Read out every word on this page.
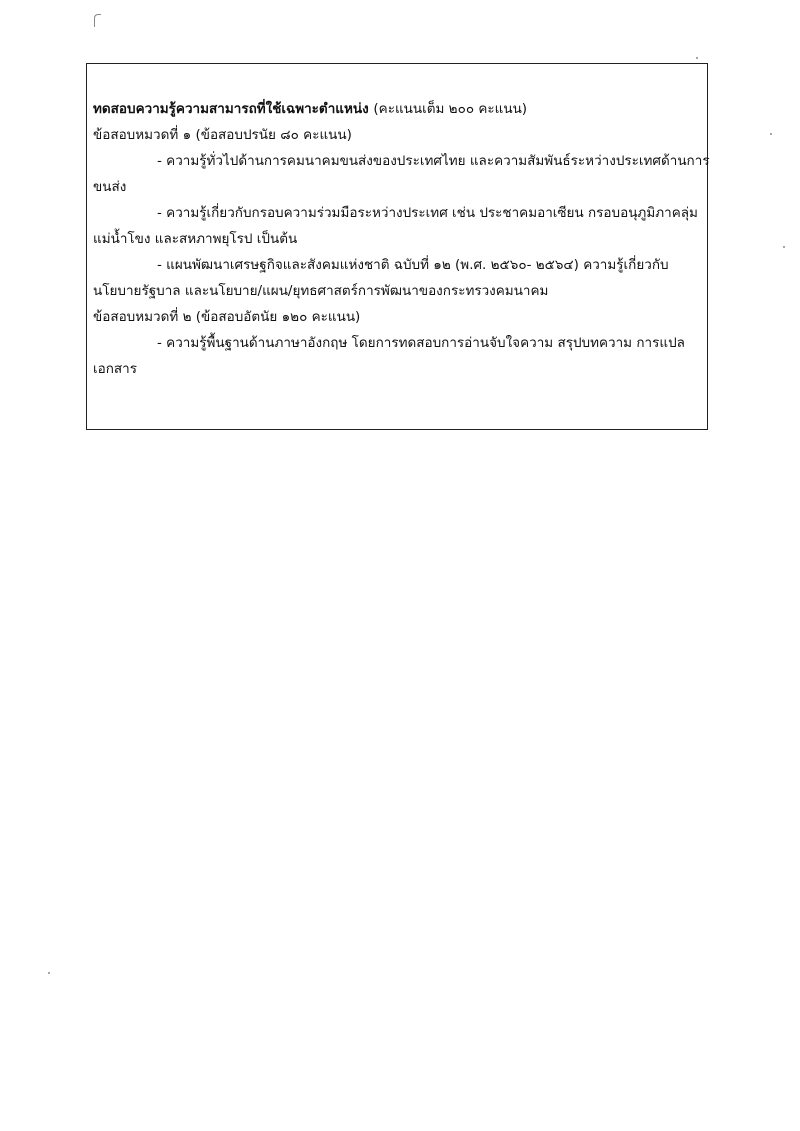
ทดสอบความรู้ความสามารถที่ใช้เฉพาะตำแหน่ง (คะแนนเต็ม ๒๐๐ คะแนน)
ข้อสอบหมวดที่ ๑ (ข้อสอบปรนัย ๘๐ คะแนน)
- ความรู้ทั่วไปด้านการคมนาคมขนส่งของประเทศไทย และความสัมพันธ์ระหว่างประเทศด้านการ
ขนส่ง
- ความรู้เกี่ยวกับกรอบความร่วมมือระหว่างประเทศ เช่น ประชาคมอาเซียน กรอบอนุภูมิภาคลุ่ม
แม่น้ำโขง และสหภาพยุโรป เป็นต้น
- แผนพัฒนาเศรษฐกิจและสังคมแห่งชาติ ฉบับที่ ๑๒ (พ.ศ. ๒๕๖๐- ๒๕๖๔) ความรู้เกี่ยวกับ
นโยบายรัฐบาล และนโยบาย/แผน/ยุทธศาสตร์การพัฒนาของกระทรวงคมนาคม
ข้อสอบหมวดที่ ๒ (ข้อสอบอัตนัย ๑๒๐ คะแนน)
- ความรู้พื้นฐานด้านภาษาอังกฤษ โดยการทดสอบการอ่านจับใจความ สรุปบทความ การแปล
เอกสาร
